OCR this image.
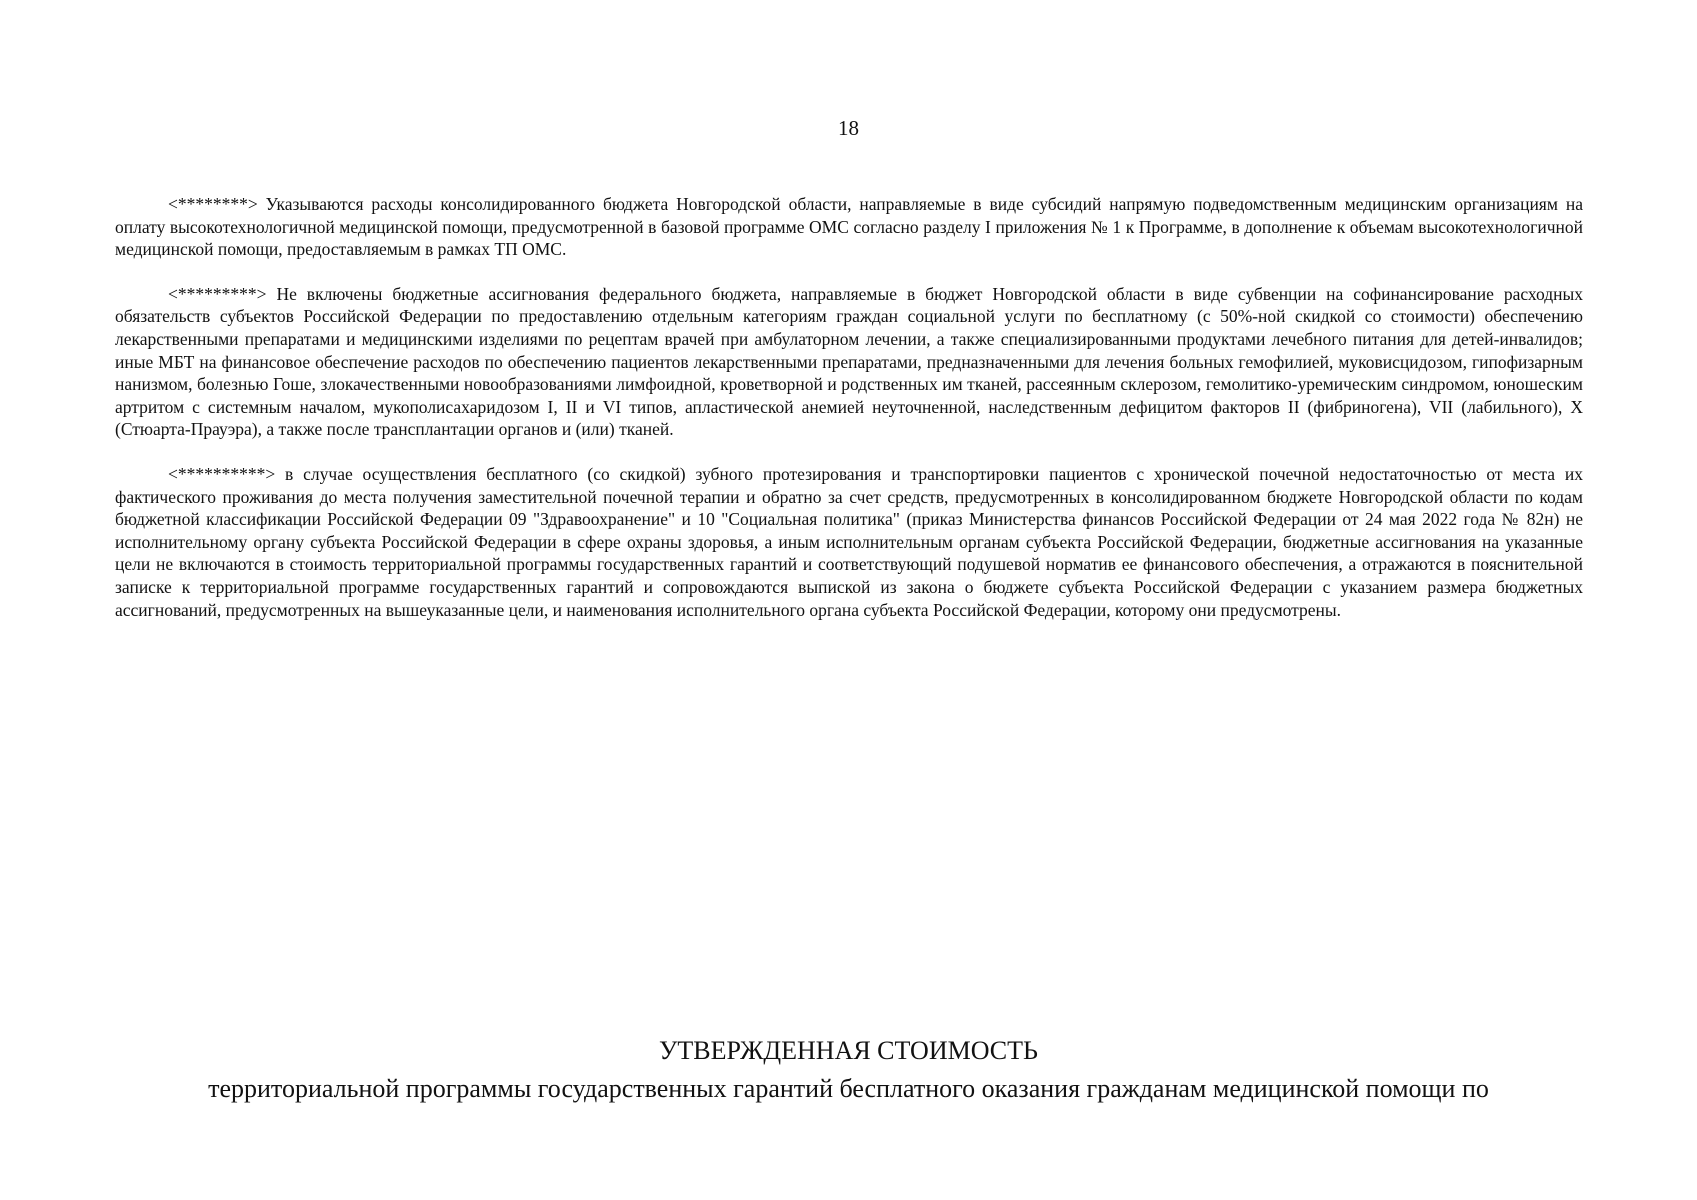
18

<********> Указываются расходы консолидированного бюджета Новгородской области, направляемые в виде субсидий напрямую подведомственным медицинским организациям на оплату высокотехнологичной медицинской помощи, предусмотренной в базовой программе ОМС согласно разделу I приложения № 1 к Программе, в дополнение к объемам высокотехнологичной медицинской помощи, предоставляемым в рамках ТП ОМС.

<*********> Не включены бюджетные ассигнования федерального бюджета, направляемые в бюджет Новгородской области в виде субвенции на софинансирование расходных обязательств субъектов Российской Федерации по предоставлению отдельным категориям граждан социальной услуги по бесплатному (с 50%-ной скидкой со стоимости) обеспечению лекарственными препаратами и медицинскими изделиями по рецептам врачей при амбулаторном лечении, а также специализированными продуктами лечебного питания для детей-инвалидов; иные МБТ на финансовое обеспечение расходов по обеспечению пациентов лекарственными препаратами, предназначенными для лечения больных гемофилией, муковисцидозом, гипофизарным нанизмом, болезнью Гоше, злокачественными новообразованиями лимфоидной, кроветворной и родственных им тканей, рассеянным склерозом, гемолитико-уремическим синдромом, юношеским артритом с системным началом, мукополисахаридозом I, II и VI типов, апластической анемией неуточненной, наследственным дефицитом факторов II (фибриногена), VII (лабильного), X (Стюарта-Прауэра), а также после трансплантации органов и (или) тканей.

<**********> в случае осуществления бесплатного (со скидкой) зубного протезирования и транспортировки пациентов с хронической почечной недостаточностью от места их фактического проживания до места получения заместительной почечной терапии и обратно за счет средств, предусмотренных в консолидированном бюджете Новгородской области по кодам бюджетной классификации Российской Федерации 09 "Здравоохранение" и 10 "Социальная политика" (приказ Министерства финансов Российской Федерации от 24 мая 2022 года № 82н) не исполнительному органу субъекта Российской Федерации в сфере охраны здоровья, а иным исполнительным органам субъекта Российской Федерации, бюджетные ассигнования на указанные цели не включаются в стоимость территориальной программы государственных гарантий и соответствующий подушевой норматив ее финансового обеспечения, а отражаются в пояснительной записке к территориальной программе государственных гарантий и сопровождаются выпиской из закона о бюджете субъекта Российской Федерации с указанием размера бюджетных ассигнований, предусмотренных на вышеуказанные цели, и наименования исполнительного органа субъекта Российской Федерации, которому они предусмотрены.

УТВЕРЖДЕННАЯ СТОИМОСТЬ
территориальной программы государственных гарантий бесплатного оказания гражданам медицинской помощи по
